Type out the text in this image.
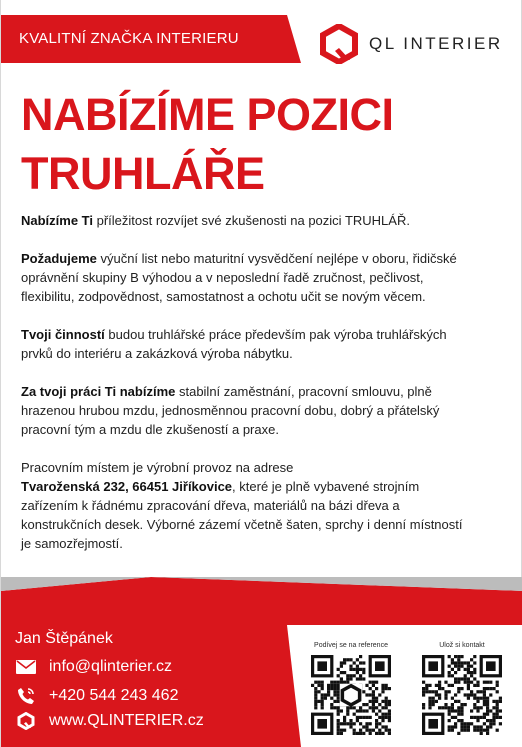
KVALITNÍ ZNAČKA INTERIERU	QL INTERIER
NABÍZÍME POZICI
TRUHLÁŘE

Nabízíme Ti příležitost rozvíjet své zkušenosti na pozici TRUHLÁŘ.

Požadujeme výuční list nebo maturitní vysvědčení nejlépe v oboru, řidičské oprávnění skupiny B výhodou a v neposlední řadě zručnost, pečlivost, flexibilitu, zodpovědnost, samostatnost a ochotu učit se novým věcem.

Tvoji činností budou truhlářské práce především pak výroba truhlářských prvků do interiéru a zakázková výroba nábytku.

Za tvoji práci Ti nabízíme stabilní zaměstnání, pracovní smlouvu, plně hrazenou hrubou mzdu, jednosměnnou pracovní dobu, dobrý a přátelský pracovní tým a mzdu dle zkušeností a praxe.

Pracovním místem je výrobní provoz na adrese
Tvaroženská 232, 66451 Jiříkovice, které je plně vybavené strojním zařízením k řádnému zpracování dřeva, materiálů na bázi dřeva a konstrukčních desek. Výborné zázemí včetně šaten, sprchy i denní místností je samozřejmostí.

Jan Štěpánek
info@qlinterier.cz
+420 544 243 462
www.QLINTERIER.cz
Podívej se na reference	Ulož si kontakt
